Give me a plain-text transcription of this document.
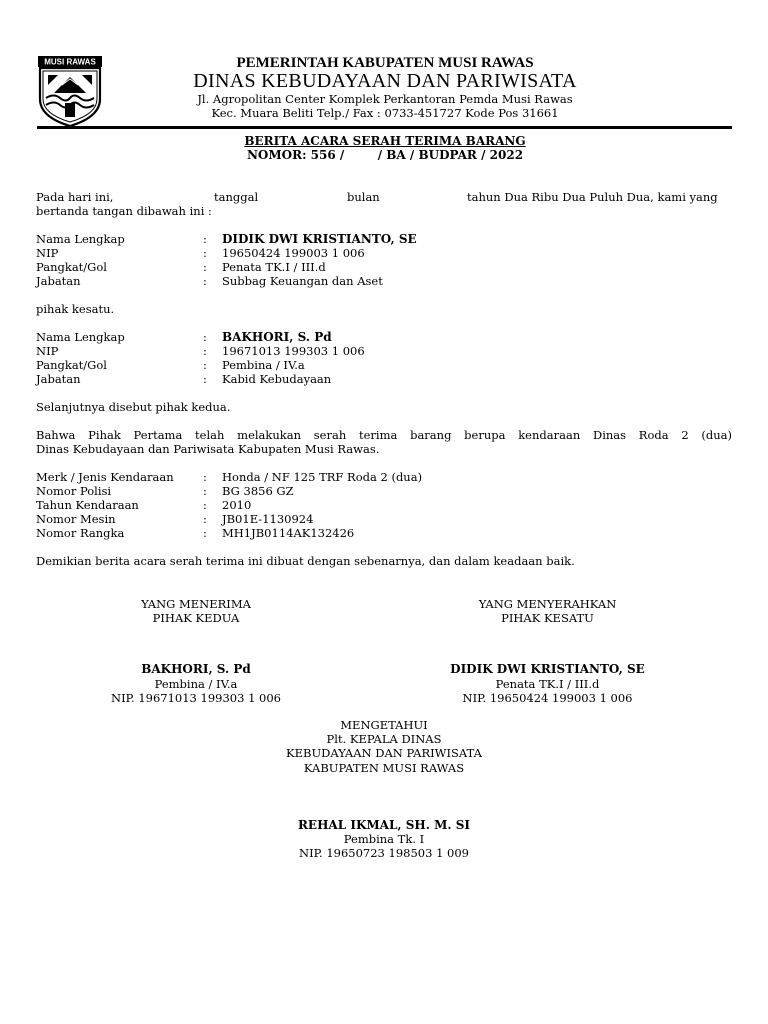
MUSI RAWAS	PEMERINTAH KABUPATEN MUSI RAWAS
DINAS KEBUDAYAAN DAN PARIWISATA
Jl. Agropolitan Center Komplek Perkantoran Pemda Musi Rawas
Kec. Muara Beliti Telp./ Fax : 0733-451727 Kode Pos 31661
BERITA ACARA SERAH TERIMA BARANG
NOMOR: 556 /        / BA / BUDPAR / 2022
Pada hari ini,	tanggal	bulan	tahun Dua Ribu Dua Puluh Dua, kami yang
bertanda tangan dibawah ini :
Nama Lengkap	: DIDIK DWI KRISTIANTO, SE
NIP	: 19650424 199003 1 006
Pangkat/Gol	: Penata TK.I / III.d
Jabatan	: Subbag Keuangan dan Aset
pihak kesatu.
Nama Lengkap	: BAKHORI, S. Pd
NIP	: 19671013 199303 1 006
Pangkat/Gol	: Pembina / IV.a
Jabatan	: Kabid Kebudayaan
Selanjutnya disebut pihak kedua.
Bahwa Pihak Pertama telah melakukan serah terima barang berupa kendaraan Dinas Roda 2 (dua)
Dinas Kebudayaan dan Pariwisata Kabupaten Musi Rawas.
Merk / Jenis Kendaraan	: Honda / NF 125 TRF Roda 2 (dua)
Nomor Polisi	: BG 3856 GZ
Tahun Kendaraan	: 2010
Nomor Mesin	: JB01E-1130924
Nomor Rangka	: MH1JB0114AK132426
Demikian berita acara serah terima ini dibuat dengan sebenarnya, dan dalam keadaan baik.
YANG MENERIMA
PIHAK KEDUA
BAKHORI, S. Pd
Pembina / IV.a
NIP. 19671013 199303 1 006
YANG MENYERAHKAN
PIHAK KESATU
DIDIK DWI KRISTIANTO, SE
Penata TK.I / III.d
NIP. 19650424 199003 1 006
MENGETAHUI
Plt. KEPALA DINAS
KEBUDAYAAN DAN PARIWISATA
KABUPATEN MUSI RAWAS
REHAL IKMAL, SH. M. SI
Pembina Tk. I
NIP. 19650723 198503 1 009
